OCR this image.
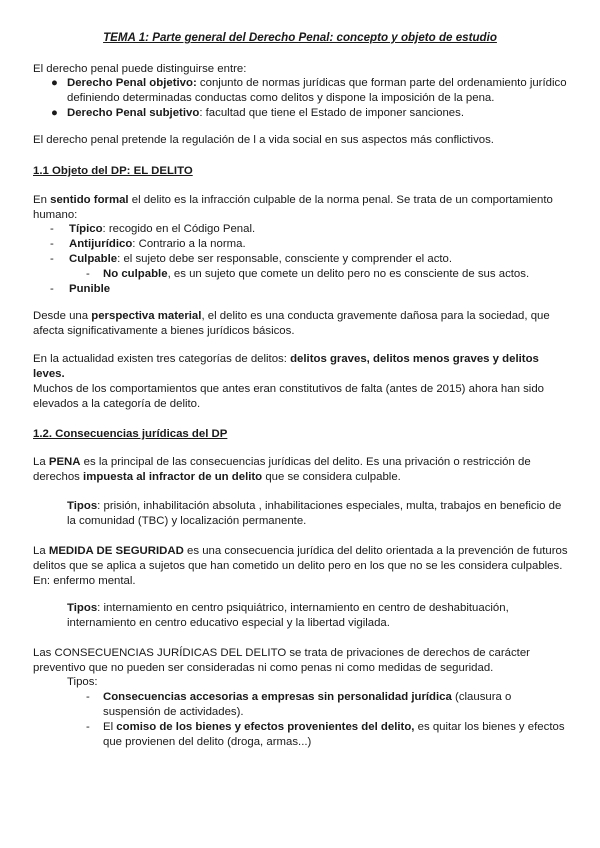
TEMA 1: Parte general del Derecho Penal: concepto y objeto de estudio
El derecho penal puede distinguirse entre:
● Derecho Penal objetivo: conjunto de normas jurídicas que forman parte del ordenamiento jurídico definiendo determinadas conductas como delitos y dispone la imposición de la pena.
● Derecho Penal subjetivo: facultad que tiene el Estado de imponer sanciones.
El derecho penal pretende la regulación de l a vida social en sus aspectos más conflictivos.
1.1 Objeto del DP: EL DELITO
En sentido formal el delito es la infracción culpable de la norma penal. Se trata de un comportamiento humano:
- Típico: recogido en el Código Penal.
- Antijurídico: Contrario a la norma.
- Culpable: el sujeto debe ser responsable, consciente y comprender el acto.
- No culpable, es un sujeto que comete un delito pero no es consciente de sus actos.
- Punible
Desde una perspectiva material, el delito es una conducta gravemente dañosa para la sociedad, que afecta significativamente a bienes jurídicos básicos.
En la actualidad existen tres categorías de delitos: delitos graves, delitos menos graves y delitos leves.
Muchos de los comportamientos que antes eran constitutivos de falta (antes de 2015) ahora han sido elevados a la categoría de delito.
1.2. Consecuencias jurídicas del DP
La PENA es la principal de las consecuencias jurídicas del delito. Es una privación o restricción de derechos impuesta al infractor de un delito que se considera culpable.
Tipos: prisión, inhabilitación absoluta , inhabilitaciones especiales, multa, trabajos en beneficio de la comunidad (TBC) y localización permanente.
La MEDIDA DE SEGURIDAD es una consecuencia jurídica del delito orientada a la prevención de futuros delitos que se aplica a sujetos que han cometido un delito pero en los que no se les considera culpables. En: enfermo mental.
Tipos: internamiento en centro psiquiátrico, internamiento en centro de deshabituación, internamiento en centro educativo especial y la libertad vigilada.
Las CONSECUENCIAS JURÍDICAS DEL DELITO se trata de privaciones de derechos de carácter preventivo que no pueden ser consideradas ni como penas ni como medidas de seguridad.
Tipos:
- Consecuencias accesorias a empresas sin personalidad jurídica (clausura o suspensión de actividades).
- El comiso de los bienes y efectos provenientes del delito, es quitar los bienes y efectos que provienen del delito (droga, armas...)
